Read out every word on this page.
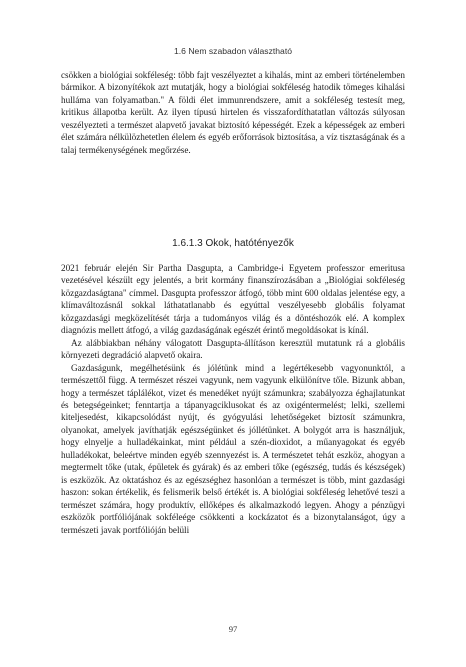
1.6 Nem szabadon választható

csökken a biológiai sokféleség: több fajt veszélyeztet a kihalás, mint az emberi történelemben bármikor. A bizonyítékok azt mutatják, hogy a biológiai sokféleség hatodik tömeges kihalási hulláma van folyamatban." A földi élet immunrendszere, amit a sokféleség testesít meg, kritikus állapotba került. Az ilyen típusú hirtelen és visszafordíthatatlan változás súlyosan veszélyezteti a természet alapvető javakat biztosító képességét. Ezek a képességek az emberi élet számára nélkülözhetetlen élelem és egyéb erőforrások biztosítása, a víz tisztaságának és a talaj termékenységének megőrzése.

1.6.1.3 Okok, hatótényezők

2021 február elején Sir Partha Dasgupta, a Cambridge-i Egyetem professzor emeritusa vezetésével készült egy jelentés, a brit kormány finanszírozásában a „Biológiai sokféleség közgazdaságtana" címmel. Dasgupta professzor átfogó, több mint 600 oldalas jelentése egy, a klímaváltozásnál sokkal láthatatlanabb és egyúttal veszélyesebb globális folyamat közgazdasági megközelítését tárja a tudományos világ és a döntéshozók elé. A komplex diagnózis mellett átfogó, a világ gazdaságának egészét érintő megoldásokat is kínál.

Az alábbiakban néhány válogatott Dasgupta-állításon keresztül mutatunk rá a globális környezeti degradáció alapvető okaira.

Gazdaságunk, megélhetésünk és jólétünk mind a legértékesebb vagyonunktól, a természettől függ. A természet részei vagyunk, nem vagyunk elkülönítve tőle. Bizunk abban, hogy a természet táplálékot, vizet és menedéket nyújt számunkra; szabályozza éghajlatunkat és betegségeinket; fenntartja a tápanyagciklusokat és az oxigéntermelést; lelki, szellemi kiteljesedést, kikapcsolódást nyújt, és gyógyulási lehetőségeket biztosít számunkra, olyanokat, amelyek javíthatják egészségünket és jóllétünket. A bolygót arra is használjuk, hogy elnyelje a hulladékainkat, mint például a szén-dioxidot, a műanyagokat és egyéb hulladékokat, beleértve minden egyéb szennyezést is. A természetet tehát eszköz, ahogyan a megtermelt tőke (utak, épületek és gyárak) és az emberi tőke (egészség, tudás és készségek) is eszközök. Az oktatáshoz és az egészséghez hasonlóan a természet is több, mint gazdasági haszon: sokan értékelik, és felismerik belső értékét is. A biológiai sokféleség lehetővé teszi a természet számára, hogy produktív, ellőképes és alkalmazkodó legyen. Ahogy a pénzügyi eszközök portfóliójának sokféleége csökkenti a kockázatot és a bizonytalanságot, úgy a természeti javak portfólióján belüli

97
